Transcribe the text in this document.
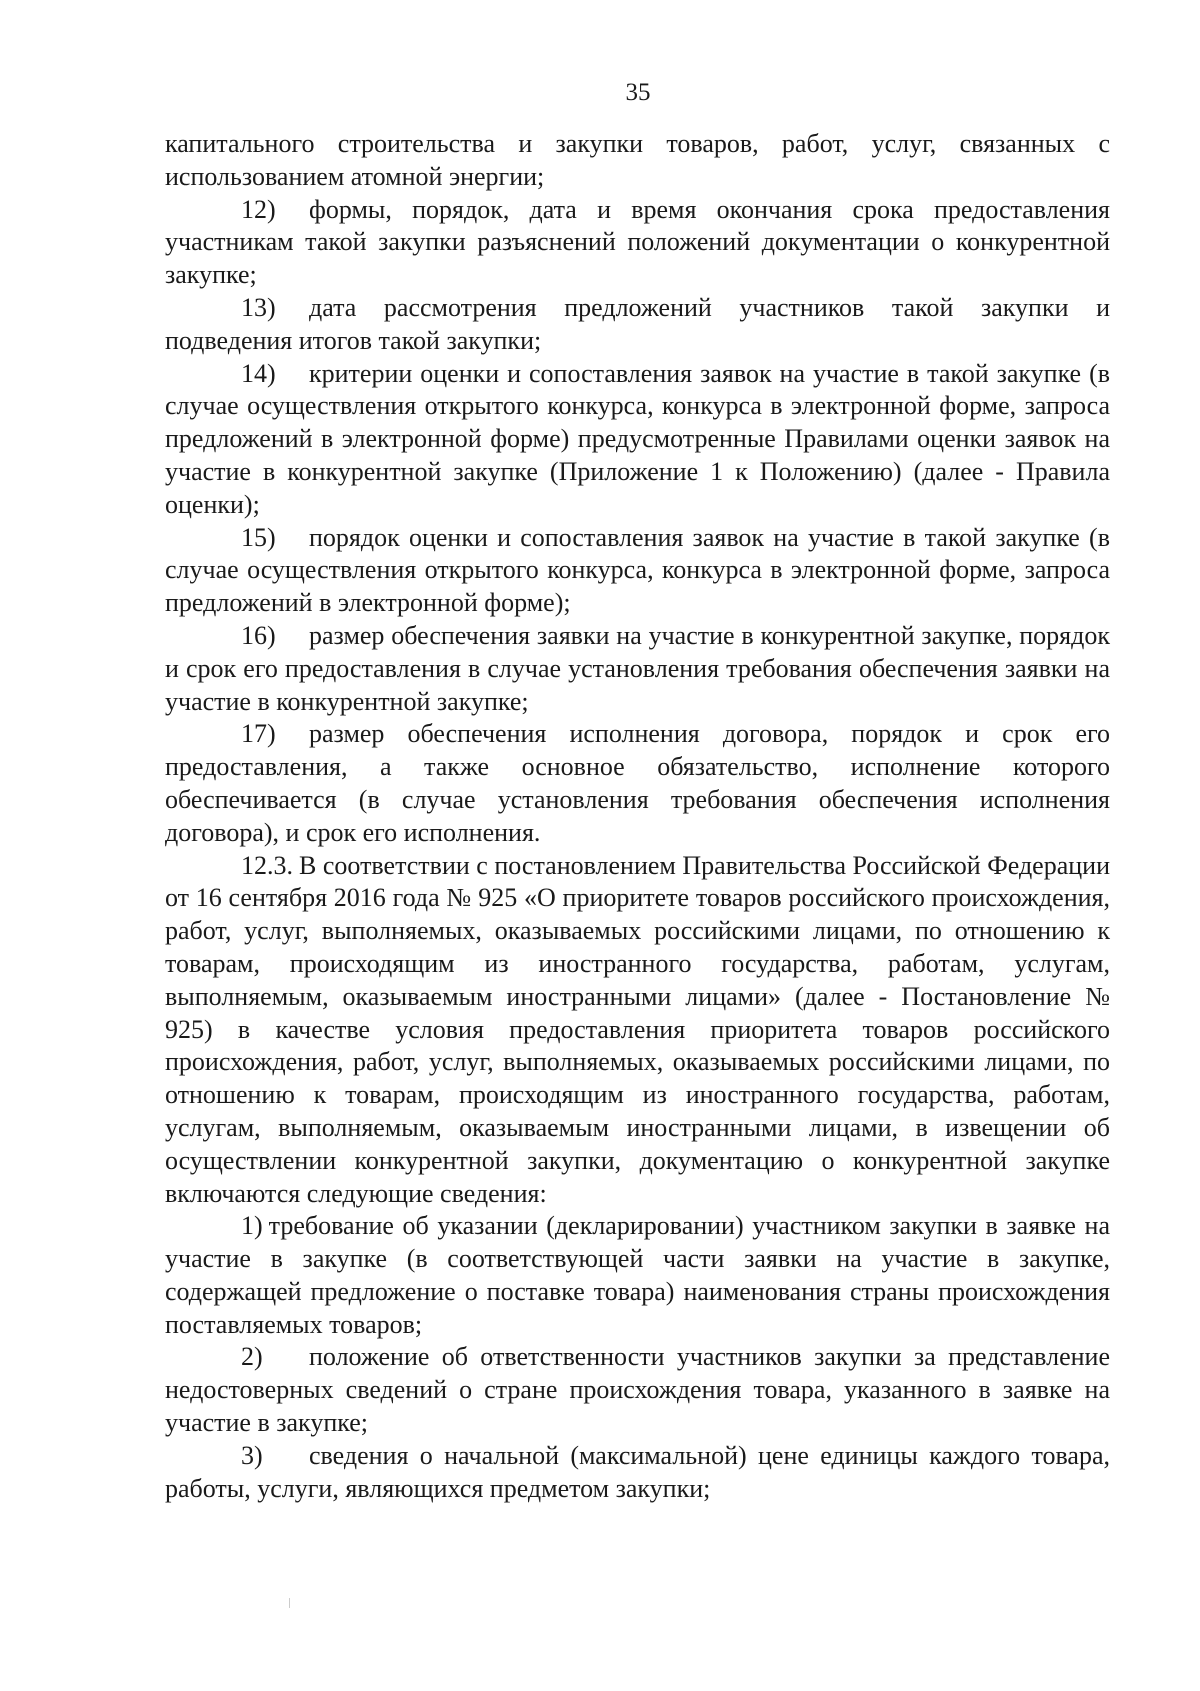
35

капитального строительства и закупки товаров, работ, услуг, связанных с использованием атомной энергии;

12) формы, порядок, дата и время окончания срока предоставления участникам такой закупки разъяснений положений документации о конкурентной закупке;

13) дата рассмотрения предложений участников такой закупки и подведения итогов такой закупки;

14) критерии оценки и сопоставления заявок на участие в такой закупке (в случае осуществления открытого конкурса, конкурса в электронной форме, запроса предложений в электронной форме) предусмотренные Правилами оценки заявок на участие в конкурентной закупке (Приложение 1 к Положению) (далее - Правила оценки);

15) порядок оценки и сопоставления заявок на участие в такой закупке (в случае осуществления открытого конкурса, конкурса в электронной форме, запроса предложений в электронной форме);

16) размер обеспечения заявки на участие в конкурентной закупке, порядок и срок его предоставления в случае установления требования обеспечения заявки на участие в конкурентной закупке;

17) размер обеспечения исполнения договора, порядок и срок его предоставления, а также основное обязательство, исполнение которого обеспечивается (в случае установления требования обеспечения исполнения договора), и срок его исполнения.

12.3. В соответствии с постановлением Правительства Российской Федерации от 16 сентября 2016 года № 925 «О приоритете товаров российского происхождения, работ, услуг, выполняемых, оказываемых российскими лицами, по отношению к товарам, происходящим из иностранного государства, работам, услугам, выполняемым, оказываемым иностранными лицами» (далее - Постановление № 925) в качестве условия предоставления приоритета товаров российского происхождения, работ, услуг, выполняемых, оказываемых российскими лицами, по отношению к товарам, происходящим из иностранного государства, работам, услугам, выполняемым, оказываемым иностранными лицами, в извещении об осуществлении конкурентной закупки, документацию о конкурентной закупке включаются следующие сведения:

1) требование об указании (декларировании) участником закупки в заявке на участие в закупке (в соответствующей части заявки на участие в закупке, содержащей предложение о поставке товара) наименования страны происхождения поставляемых товаров;

2) положение об ответственности участников закупки за представление недостоверных сведений о стране происхождения товара, указанного в заявке на участие в закупке;

3) сведения о начальной (максимальной) цене единицы каждого товара, работы, услуги, являющихся предметом закупки;
